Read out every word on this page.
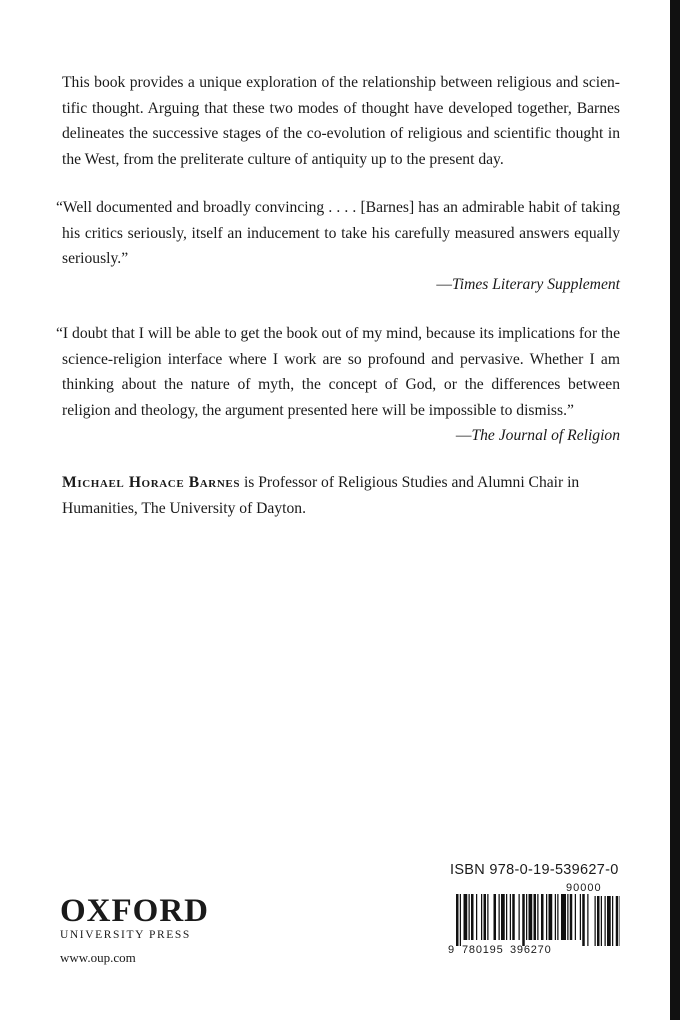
This book provides a unique exploration of the relationship between religious and scien-tific thought. Arguing that these two modes of thought have developed together, Barnes delineates the successive stages of the co-evolution of religious and scientific thought in the West, from the preliterate culture of antiquity up to the present day.

“Well documented and broadly convincing . . . . [Barnes] has an admirable habit of taking his critics seriously, itself an inducement to take his carefully measured answers equally seriously.”
—Times Literary Supplement
“I doubt that I will be able to get the book out of my mind, because its implications for the science-religion interface where I work are so profound and pervasive. Whether I am thinking about the nature of myth, the concept of God, or the differences between religion and theology, the argument presented here will be impossible to dismiss.”
—The Journal of Religion

Michael Horace Barnes is Professor of Religious Studies and Alumni Chair in Humanities, The University of Dayton.

OXFORD
UNIVERSITY PRESS
www.oup.com
ISBN 978-0-19-539627-0
90000
9 780195 396270
